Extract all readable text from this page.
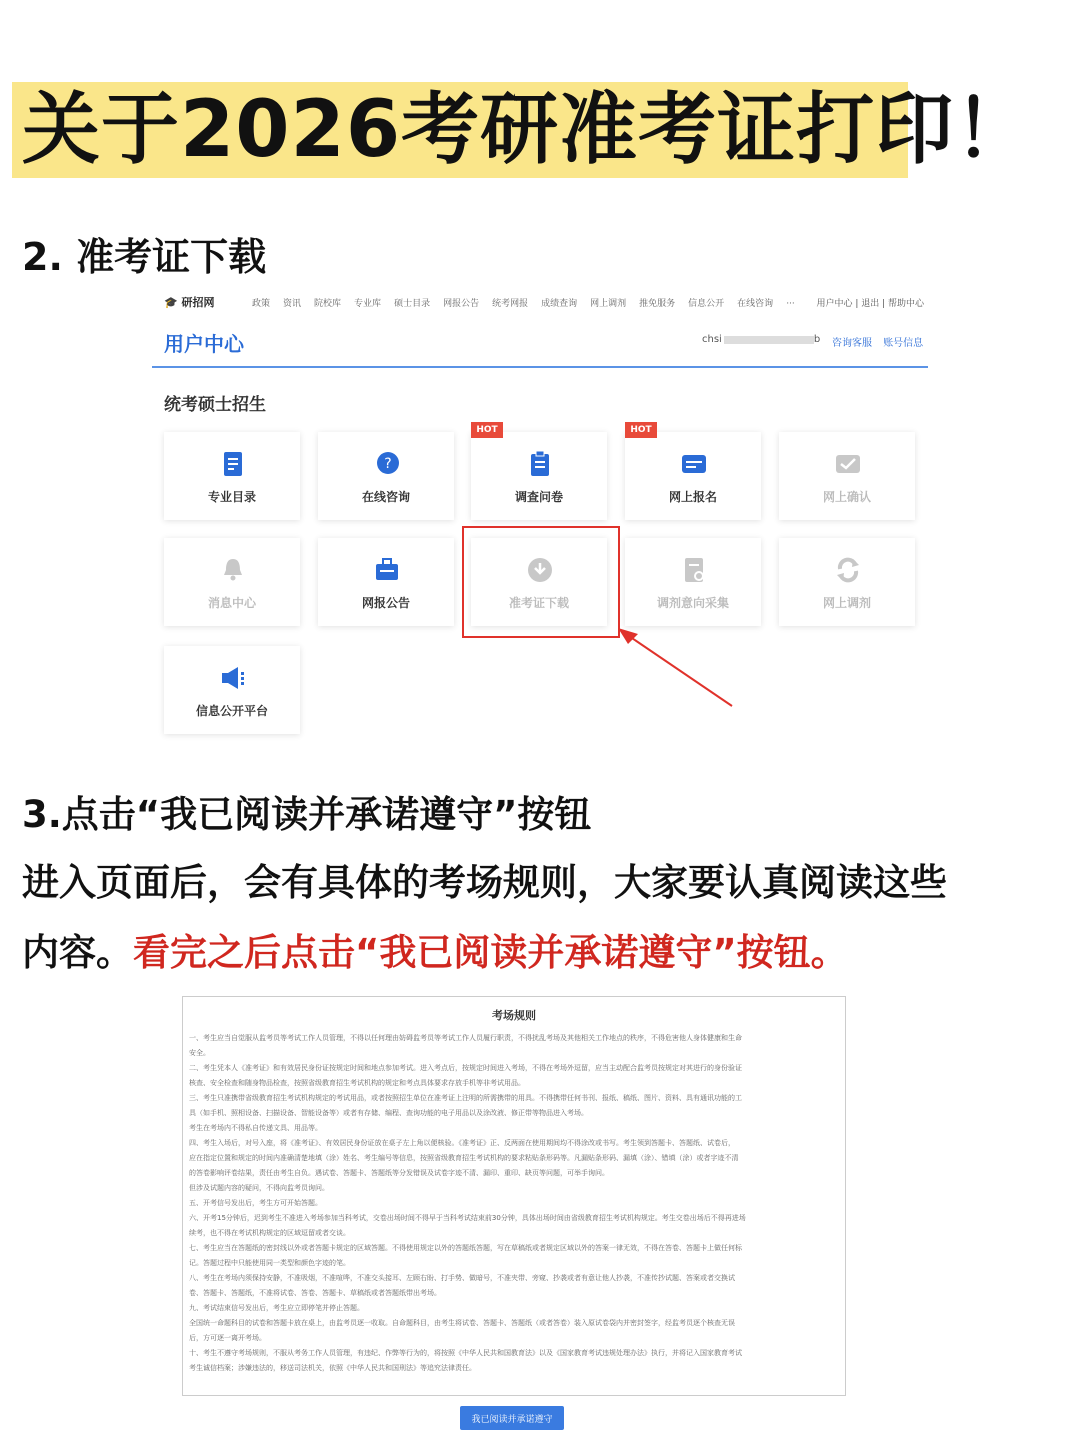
关于2026考研准考证打印！
2. 准考证下载
🎓 研招网	政策 资讯 院校库 专业库 硕士目录 网报公告 统考网报 成绩查询 网上调剂 推免服务 信息公开 在线咨询 ···	用户中心 | 退出 | 帮助中心
用户中心	chsi	b 咨询客服 账号信息
统考硕士招生
专业目录
?
在线咨询	调查问卷
HOT
网上报名
HOT
网上确认
消息中心	网报公告	准考证下载	调剂意向采集	网上调剂
信息公开平台
3.点击“我已阅读并承诺遵守”按钮
进入页面后，会有具体的考场规则，大家要认真阅读这些
内容。看完之后点击“我已阅读并承诺遵守”按钮。
考场规则
一、考生应当自觉服从监考员等考试工作人员管理，不得以任何理由妨碍监考员等考试工作人员履行职责，不得扰乱考场及其他相关工作地点的秩序，不得危害他人身体健康和生命
安全。
二、考生凭本人《准考证》和有效居民身份证按规定时间和地点参加考试。进入考点后，按规定时间进入考场，不得在考场外逗留，应当主动配合监考员按规定对其进行的身份验证
核查、安全检查和随身物品检查，按照省级教育招生考试机构的规定和考点具体要求存放手机等非考试用品。
三、考生只准携带省级教育招生考试机构规定的考试用品，或者按照招生单位在准考证上注明的所需携带的用具。不得携带任何书刊、报纸、稿纸、图片、资料、具有通讯功能的工
具（如手机、照相设备、扫描设备、智能设备等）或者有存储、编程、查询功能的电子用品以及涂改液、修正带等物品进入考场。
考生在考场内不得私自传递文具、用品等。
四、考生入场后，对号入座，将《准考证》、有效居民身份证放在桌子左上角以便核验。《准考证》正、反两面在使用期间均不得涂改或书写。考生领到答题卡、答题纸、试卷后，
应在指定位置和规定的时间内准确清楚地填（涂）姓名、考生编号等信息，按照省级教育招生考试机构的要求粘贴条形码等。凡漏贴条形码、漏填（涂）、错填（涂）或者字迹不清
的答卷影响评卷结果，责任由考生自负。遇试卷、答题卡、答题纸等分发错误及试卷字迹不清、漏印、重印、缺页等问题，可举手询问。
但涉及试题内容的疑问，不得向监考员询问。
五、开考信号发出后，考生方可开始答题。
六、开考15分钟后，迟到考生不准进入考场参加当科考试，交卷出场时间不得早于当科考试结束前30分钟，具体出场时间由省级教育招生考试机构规定。考生交卷出场后不得再进场
续考，也不得在考试机构规定的区域逗留或者交谈。
七、考生应当在答题纸的密封线以外或者答题卡规定的区域答题。不得使用规定以外的答题纸答题，写在草稿纸或者规定区域以外的答案一律无效，不得在答卷、答题卡上做任何标
记。答题过程中只能使用同一类型和颜色字迹的笔。
八、考生在考场内须保持安静，不准吸烟，不准喧哗，不准交头接耳、左顾右盼、打手势、做暗号，不准夹带、旁窥、抄袭或者有意让他人抄袭，不准传抄试题、答案或者交换试
卷、答题卡、答题纸，不准将试卷、答卷、答题卡、草稿纸或者答题纸带出考场。
九、考试结束信号发出后，考生应立即停笔并停止答题。
全国统一命题科目的试卷和答题卡放在桌上，由监考员逐一收取。自命题科目，由考生将试卷、答题卡、答题纸（或者答卷）装入原试卷袋内并密封签字，经监考员逐个核查无误
后，方可逐一离开考场。
十、考生不遵守考场规则，不服从考务工作人员管理，有违纪、作弊等行为的，将按照《中华人民共和国教育法》以及《国家教育考试违规处理办法》执行，并将记入国家教育考试
考生诚信档案；涉嫌违法的，移送司法机关，依照《中华人民共和国刑法》等追究法律责任。
我已阅读并承诺遵守
